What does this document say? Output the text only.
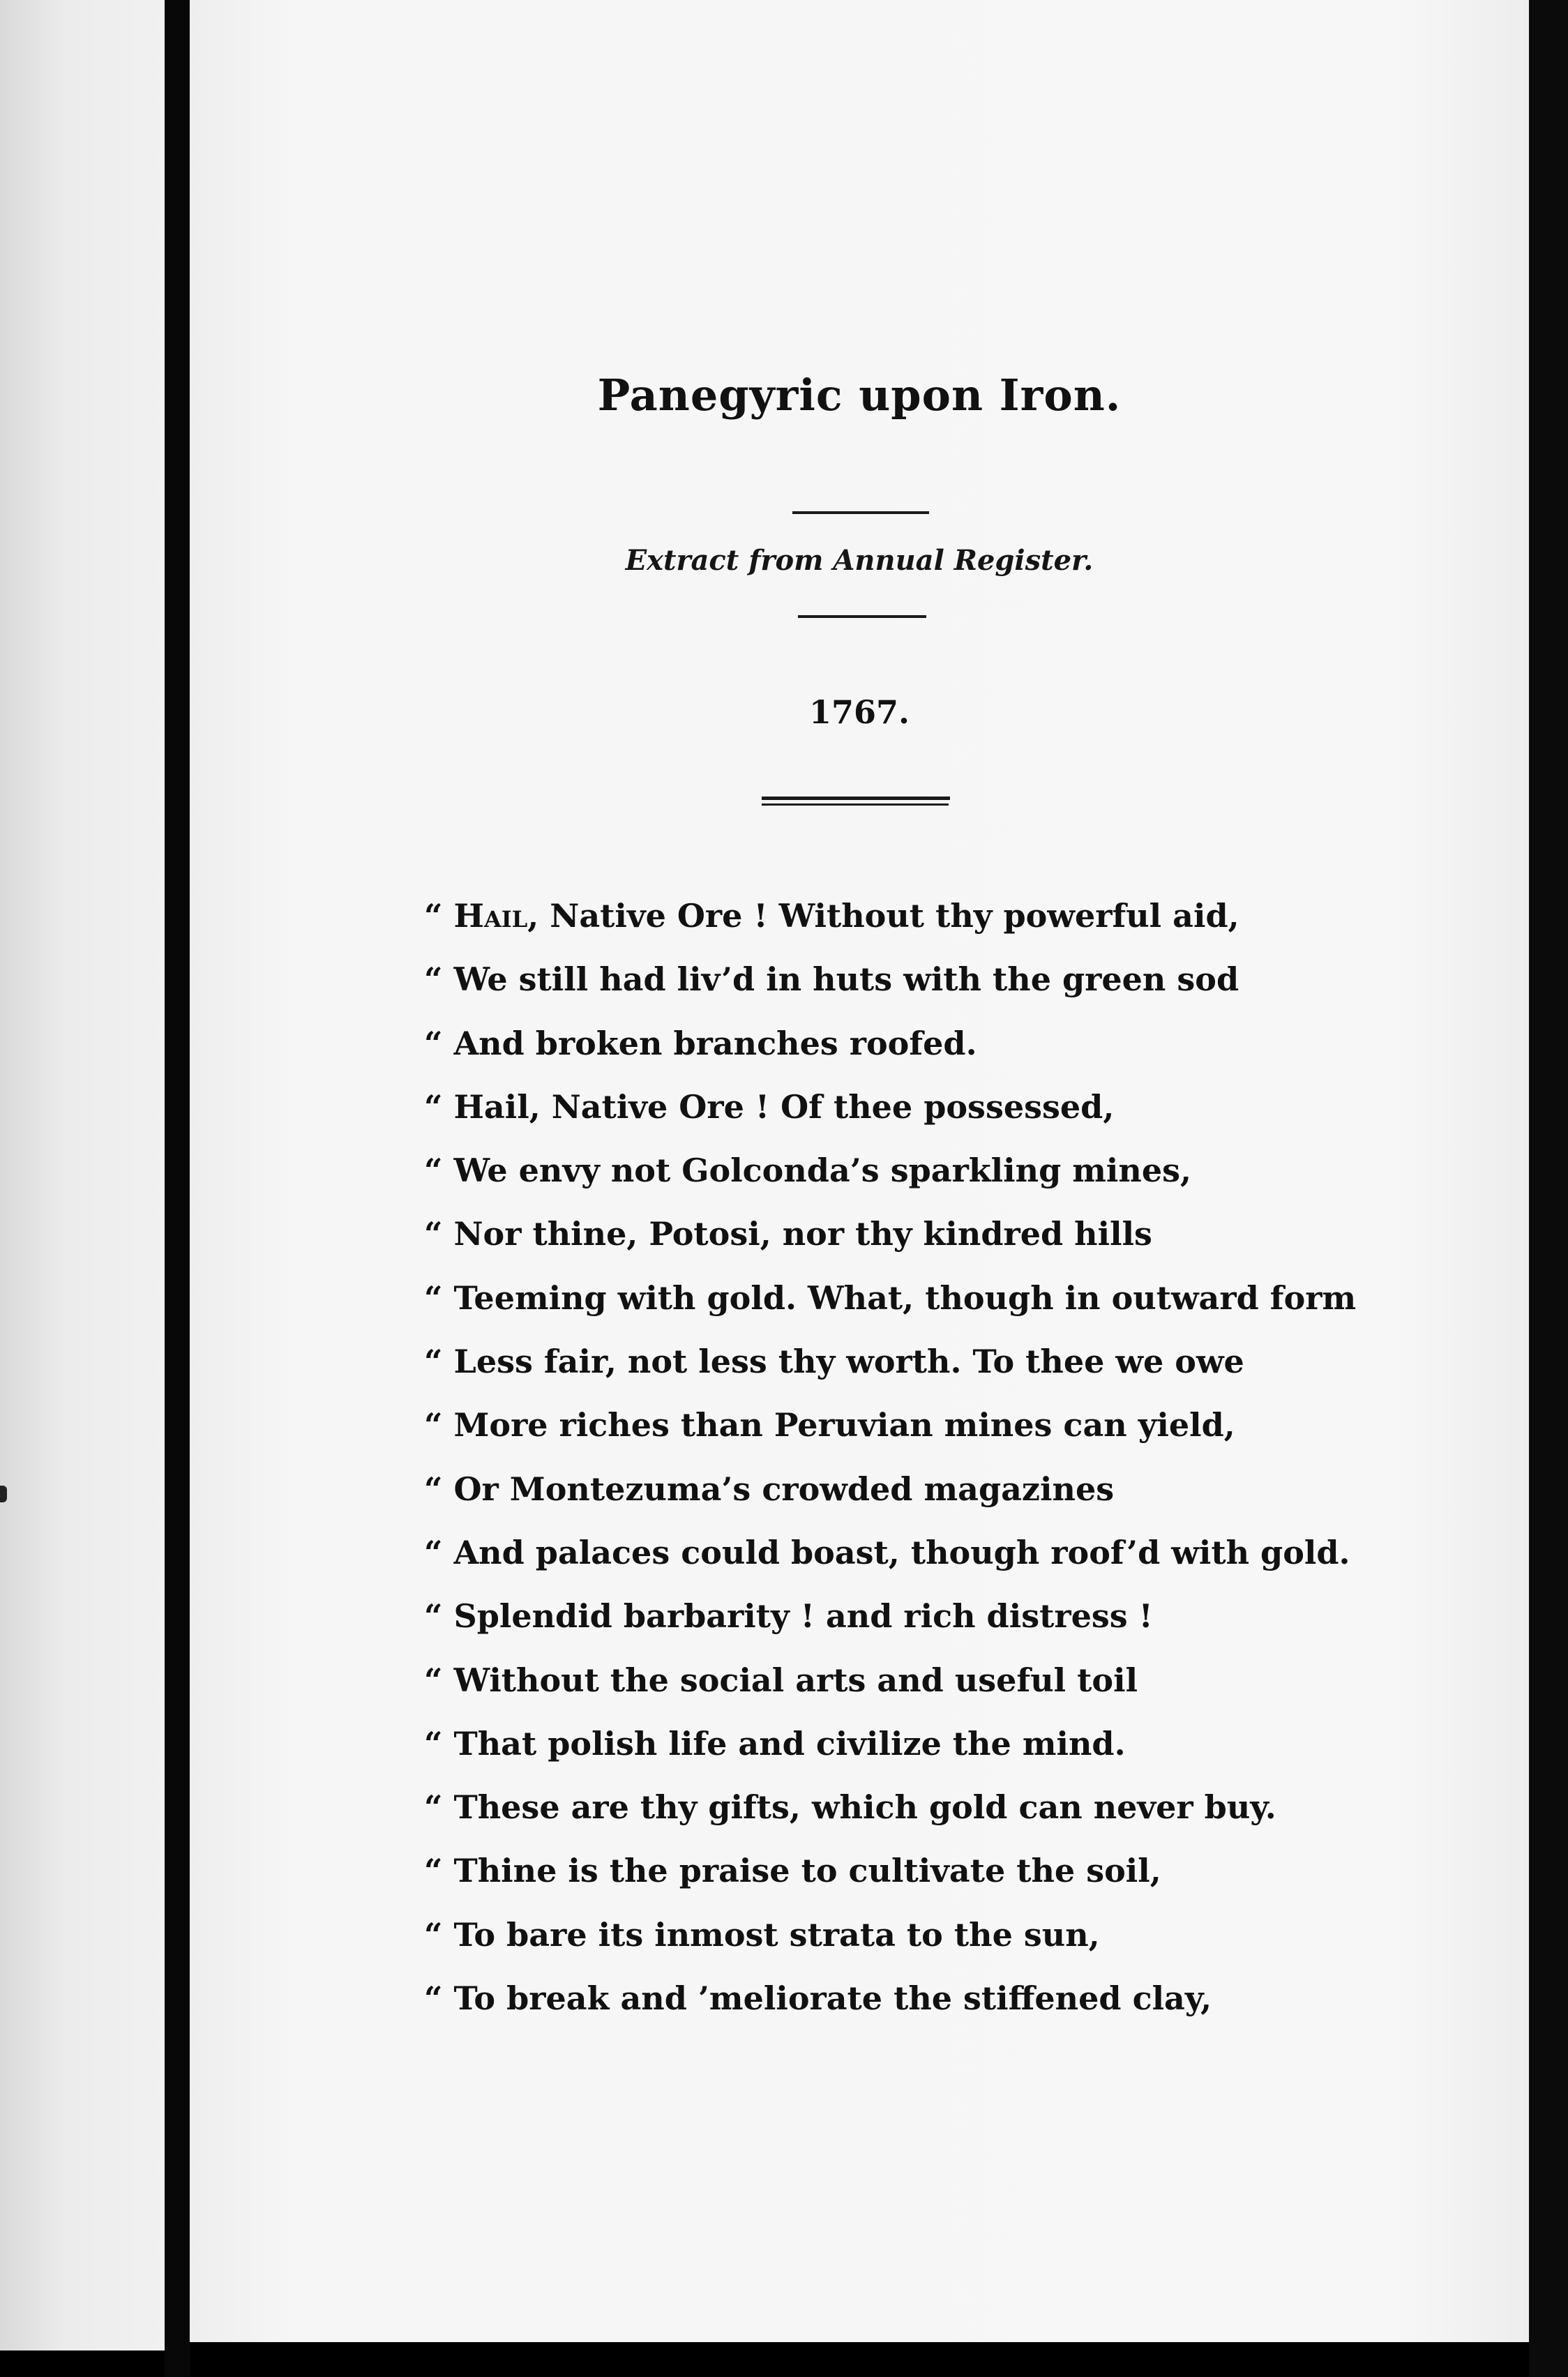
Panegyric upon Iron.
Extract from Annual Register.
1767.
“ Hail, Native Ore ! Without thy powerful aid,
“ We still had liv’d in huts with the green sod
“ And broken branches roofed.
“ Hail, Native Ore ! Of thee possessed,
“ We envy not Golconda’s sparkling mines,
“ Nor thine, Potosi, nor thy kindred hills
“ Teeming with gold. What, though in outward form
“ Less fair, not less thy worth. To thee we owe
“ More riches than Peruvian mines can yield,
“ Or Montezuma’s crowded magazines
“ And palaces could boast, though roof’d with gold.
“ Splendid barbarity ! and rich distress !
“ Without the social arts and useful toil
“ That polish life and civilize the mind.
“ These are thy gifts, which gold can never buy.
“ Thine is the praise to cultivate the soil,
“ To bare its inmost strata to the sun,
“ To break and ’meliorate the stiffened clay,
